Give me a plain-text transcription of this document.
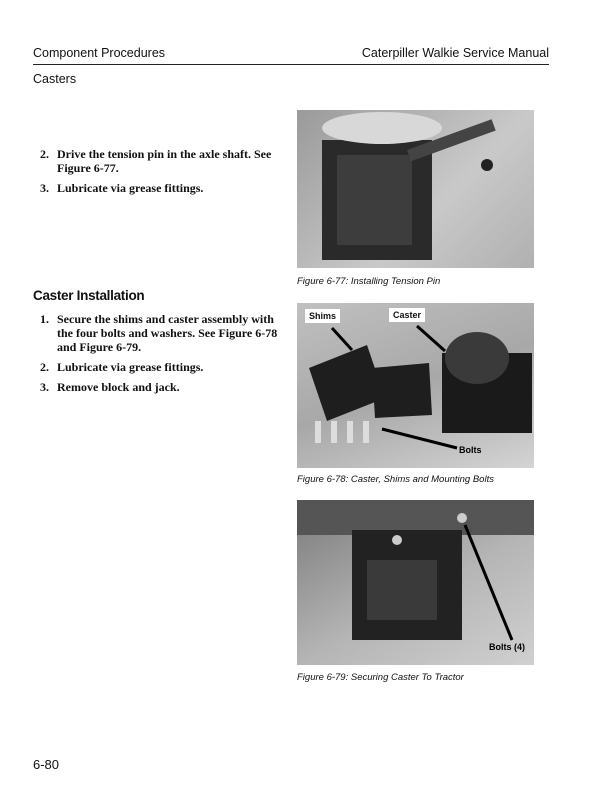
Component Procedures	Caterpiller Walkie Service Manual
Casters
2. Drive the tension pin in the axle shaft. See Figure 6-77.
3. Lubricate via grease fittings.
Caster Installation
1. Secure the shims and caster assembly with the four bolts and washers. See Figure 6-78 and Figure 6-79.
2. Lubricate via grease fittings.
3. Remove block and jack.
Figure 6-77: Installing Tension Pin
Shims	Caster
Bolts
Figure 6-78: Caster, Shims and Mounting Bolts
Bolts (4)
Figure 6-79: Securing Caster To Tractor
6-80
